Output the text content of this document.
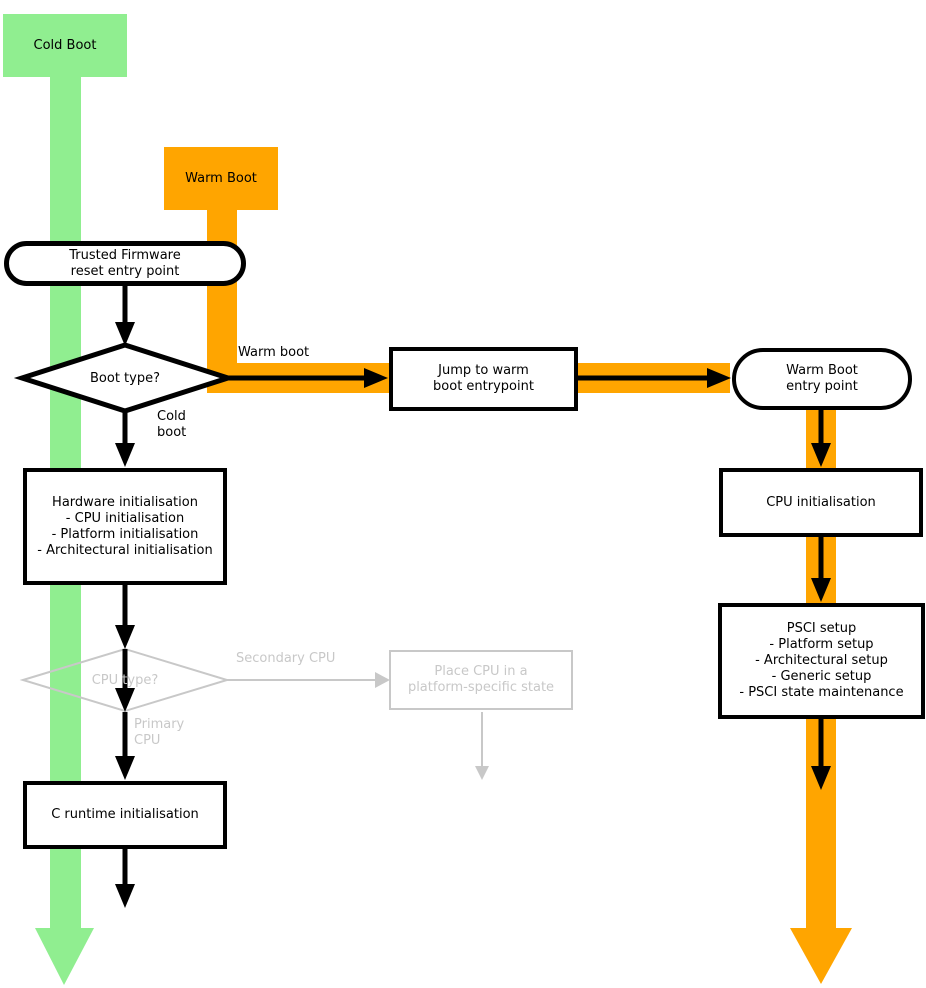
Cold Boot
Warm Boot
Trusted Firmware
reset entry point
Jump to warm
boot entrypoint
Warm Boot
entry point
Hardware initialisation
- CPU initialisation
- Platform initialisation
- Architectural initialisation
CPU initialisation
PSCI setup
- Platform setup
- Architectural setup
- Generic setup
- PSCI state maintenance
Place CPU in a
platform-specific state
C runtime initialisation
Boot type?
CPU type?
Warm boot
Cold
boot
Secondary CPU
Primary
CPU
